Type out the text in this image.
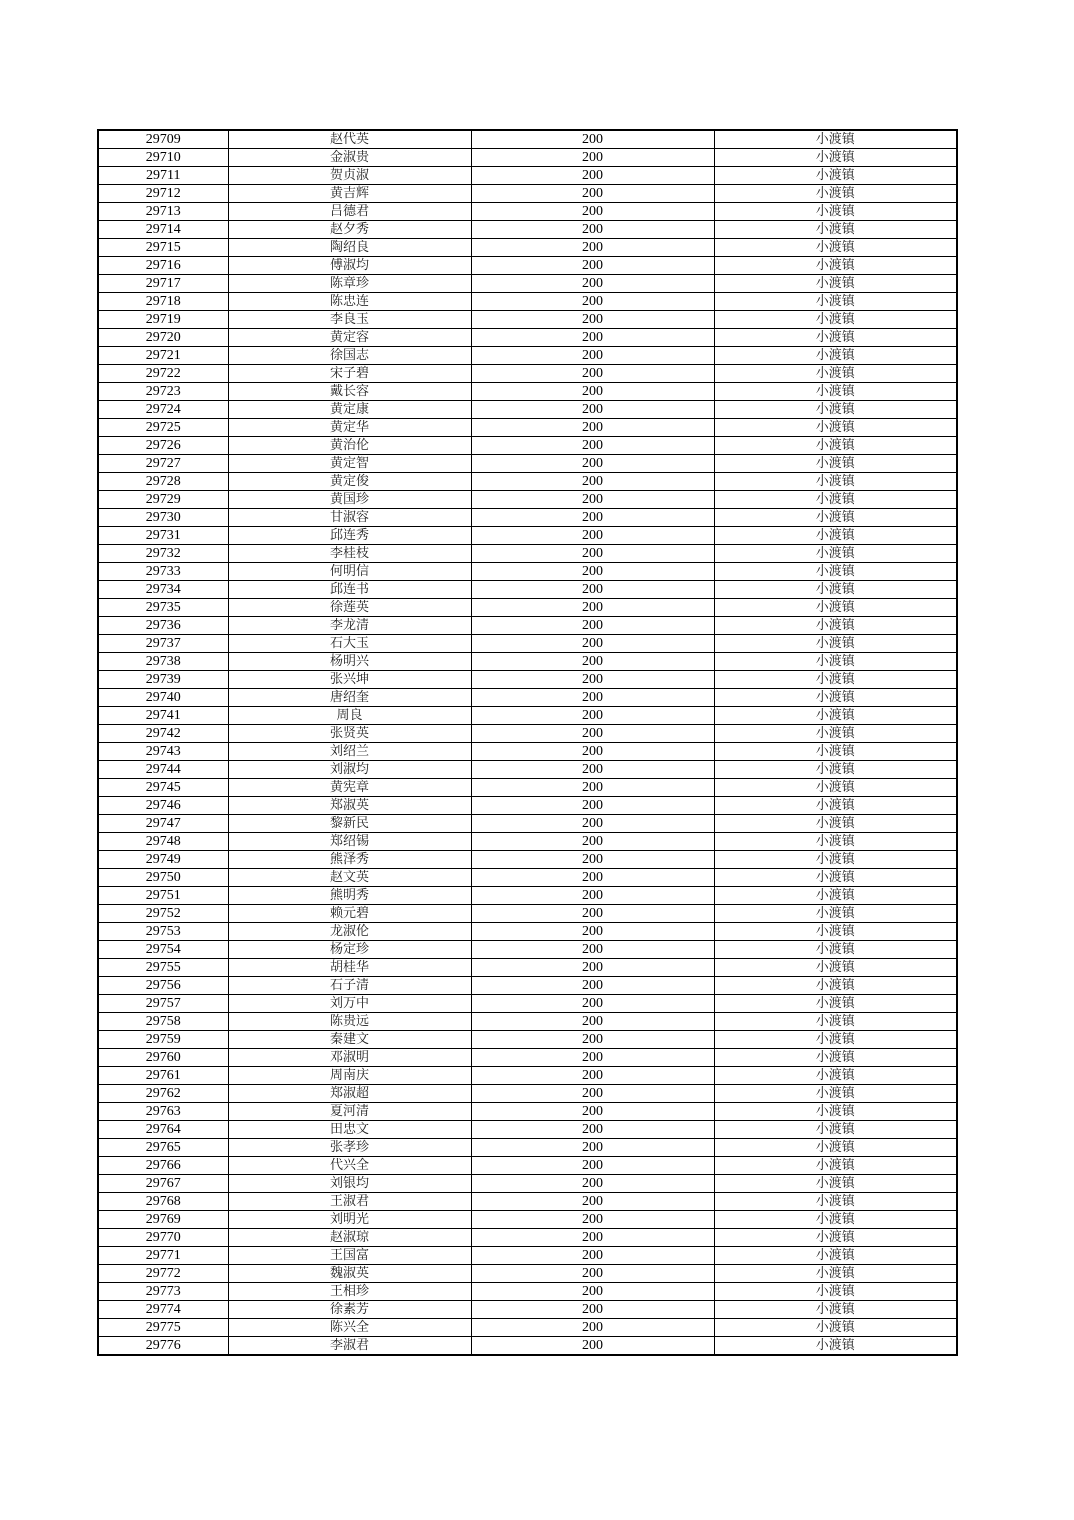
29709	赵代英	200	小渡镇
29710	金淑贵	200	小渡镇
29711	贺贞淑	200	小渡镇
29712	黄吉辉	200	小渡镇
29713	吕德君	200	小渡镇
29714	赵夕秀	200	小渡镇
29715	陶绍良	200	小渡镇
29716	傅淑均	200	小渡镇
29717	陈章珍	200	小渡镇
29718	陈忠连	200	小渡镇
29719	李良玉	200	小渡镇
29720	黄定容	200	小渡镇
29721	徐国志	200	小渡镇
29722	宋子碧	200	小渡镇
29723	戴长容	200	小渡镇
29724	黄定康	200	小渡镇
29725	黄定华	200	小渡镇
29726	黄治伦	200	小渡镇
29727	黄定智	200	小渡镇
29728	黄定俊	200	小渡镇
29729	黄国珍	200	小渡镇
29730	甘淑容	200	小渡镇
29731	邱连秀	200	小渡镇
29732	李桂枝	200	小渡镇
29733	何明信	200	小渡镇
29734	邱连书	200	小渡镇
29735	徐莲英	200	小渡镇
29736	李龙清	200	小渡镇
29737	石大玉	200	小渡镇
29738	杨明兴	200	小渡镇
29739	张兴坤	200	小渡镇
29740	唐绍奎	200	小渡镇
29741	周良	200	小渡镇
29742	张贤英	200	小渡镇
29743	刘绍兰	200	小渡镇
29744	刘淑均	200	小渡镇
29745	黄宪章	200	小渡镇
29746	郑淑英	200	小渡镇
29747	黎新民	200	小渡镇
29748	郑绍锡	200	小渡镇
29749	熊泽秀	200	小渡镇
29750	赵文英	200	小渡镇
29751	熊明秀	200	小渡镇
29752	赖元碧	200	小渡镇
29753	龙淑伦	200	小渡镇
29754	杨定珍	200	小渡镇
29755	胡桂华	200	小渡镇
29756	石子清	200	小渡镇
29757	刘万中	200	小渡镇
29758	陈贵远	200	小渡镇
29759	秦建文	200	小渡镇
29760	邓淑明	200	小渡镇
29761	周南庆	200	小渡镇
29762	郑淑超	200	小渡镇
29763	夏河清	200	小渡镇
29764	田忠文	200	小渡镇
29765	张孝珍	200	小渡镇
29766	代兴全	200	小渡镇
29767	刘银均	200	小渡镇
29768	王淑君	200	小渡镇
29769	刘明光	200	小渡镇
29770	赵淑琼	200	小渡镇
29771	王国富	200	小渡镇
29772	魏淑英	200	小渡镇
29773	王相珍	200	小渡镇
29774	徐素芳	200	小渡镇
29775	陈兴全	200	小渡镇
29776	李淑君	200	小渡镇
